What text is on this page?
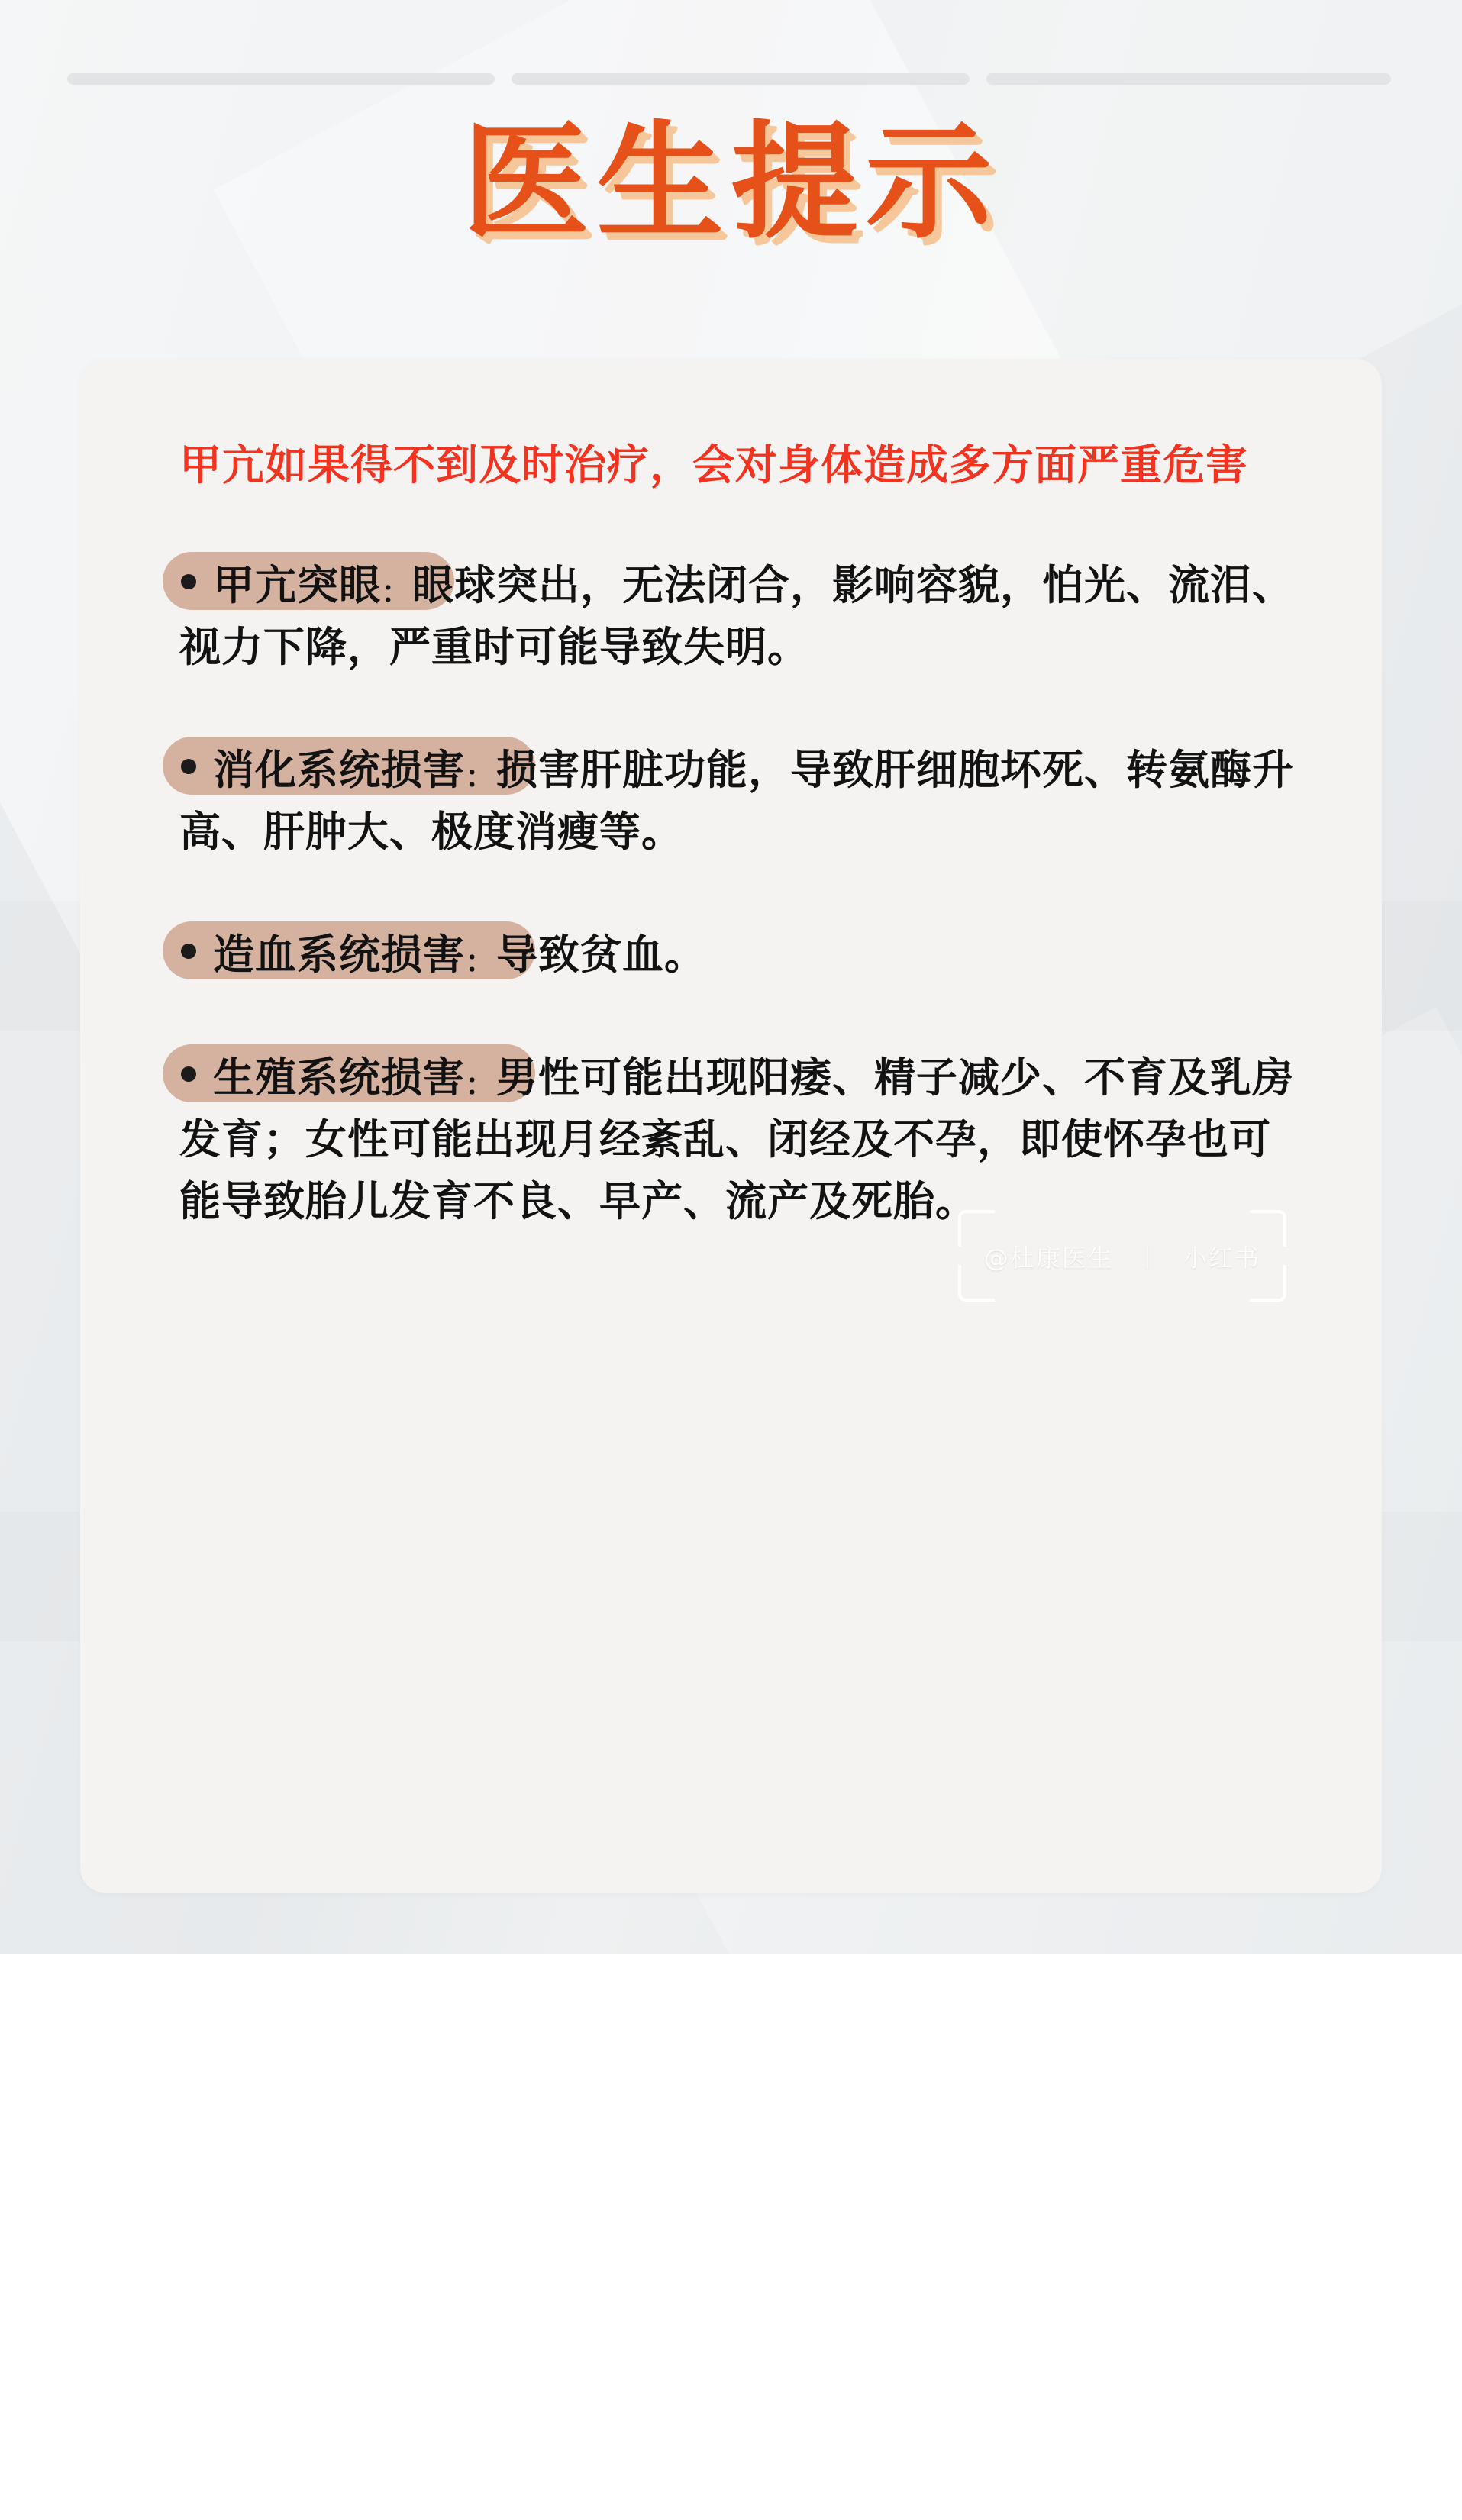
医生提示
甲亢如果得不到及时治疗，会对身体造成多方面严重危害
甲亢突眼：眼球突出，无法闭合，影响容貌，怕光、流泪、视力下降，严重时可能导致失明。
消化系统损害：损害肝脏功能，导致肝细胞坏死、转氨酶升高、肝肿大、极度消瘦等。
造血系统损害：导致贫血。
生殖系统损害：男性可能出现阳痿、精子减少、不育及乳房发育；女性可能出现月经紊乱、闭经及不孕，即使怀孕也可能导致胎儿发育不良、早产、流产及死胎。
@杜康医生 ｜ 小红书
